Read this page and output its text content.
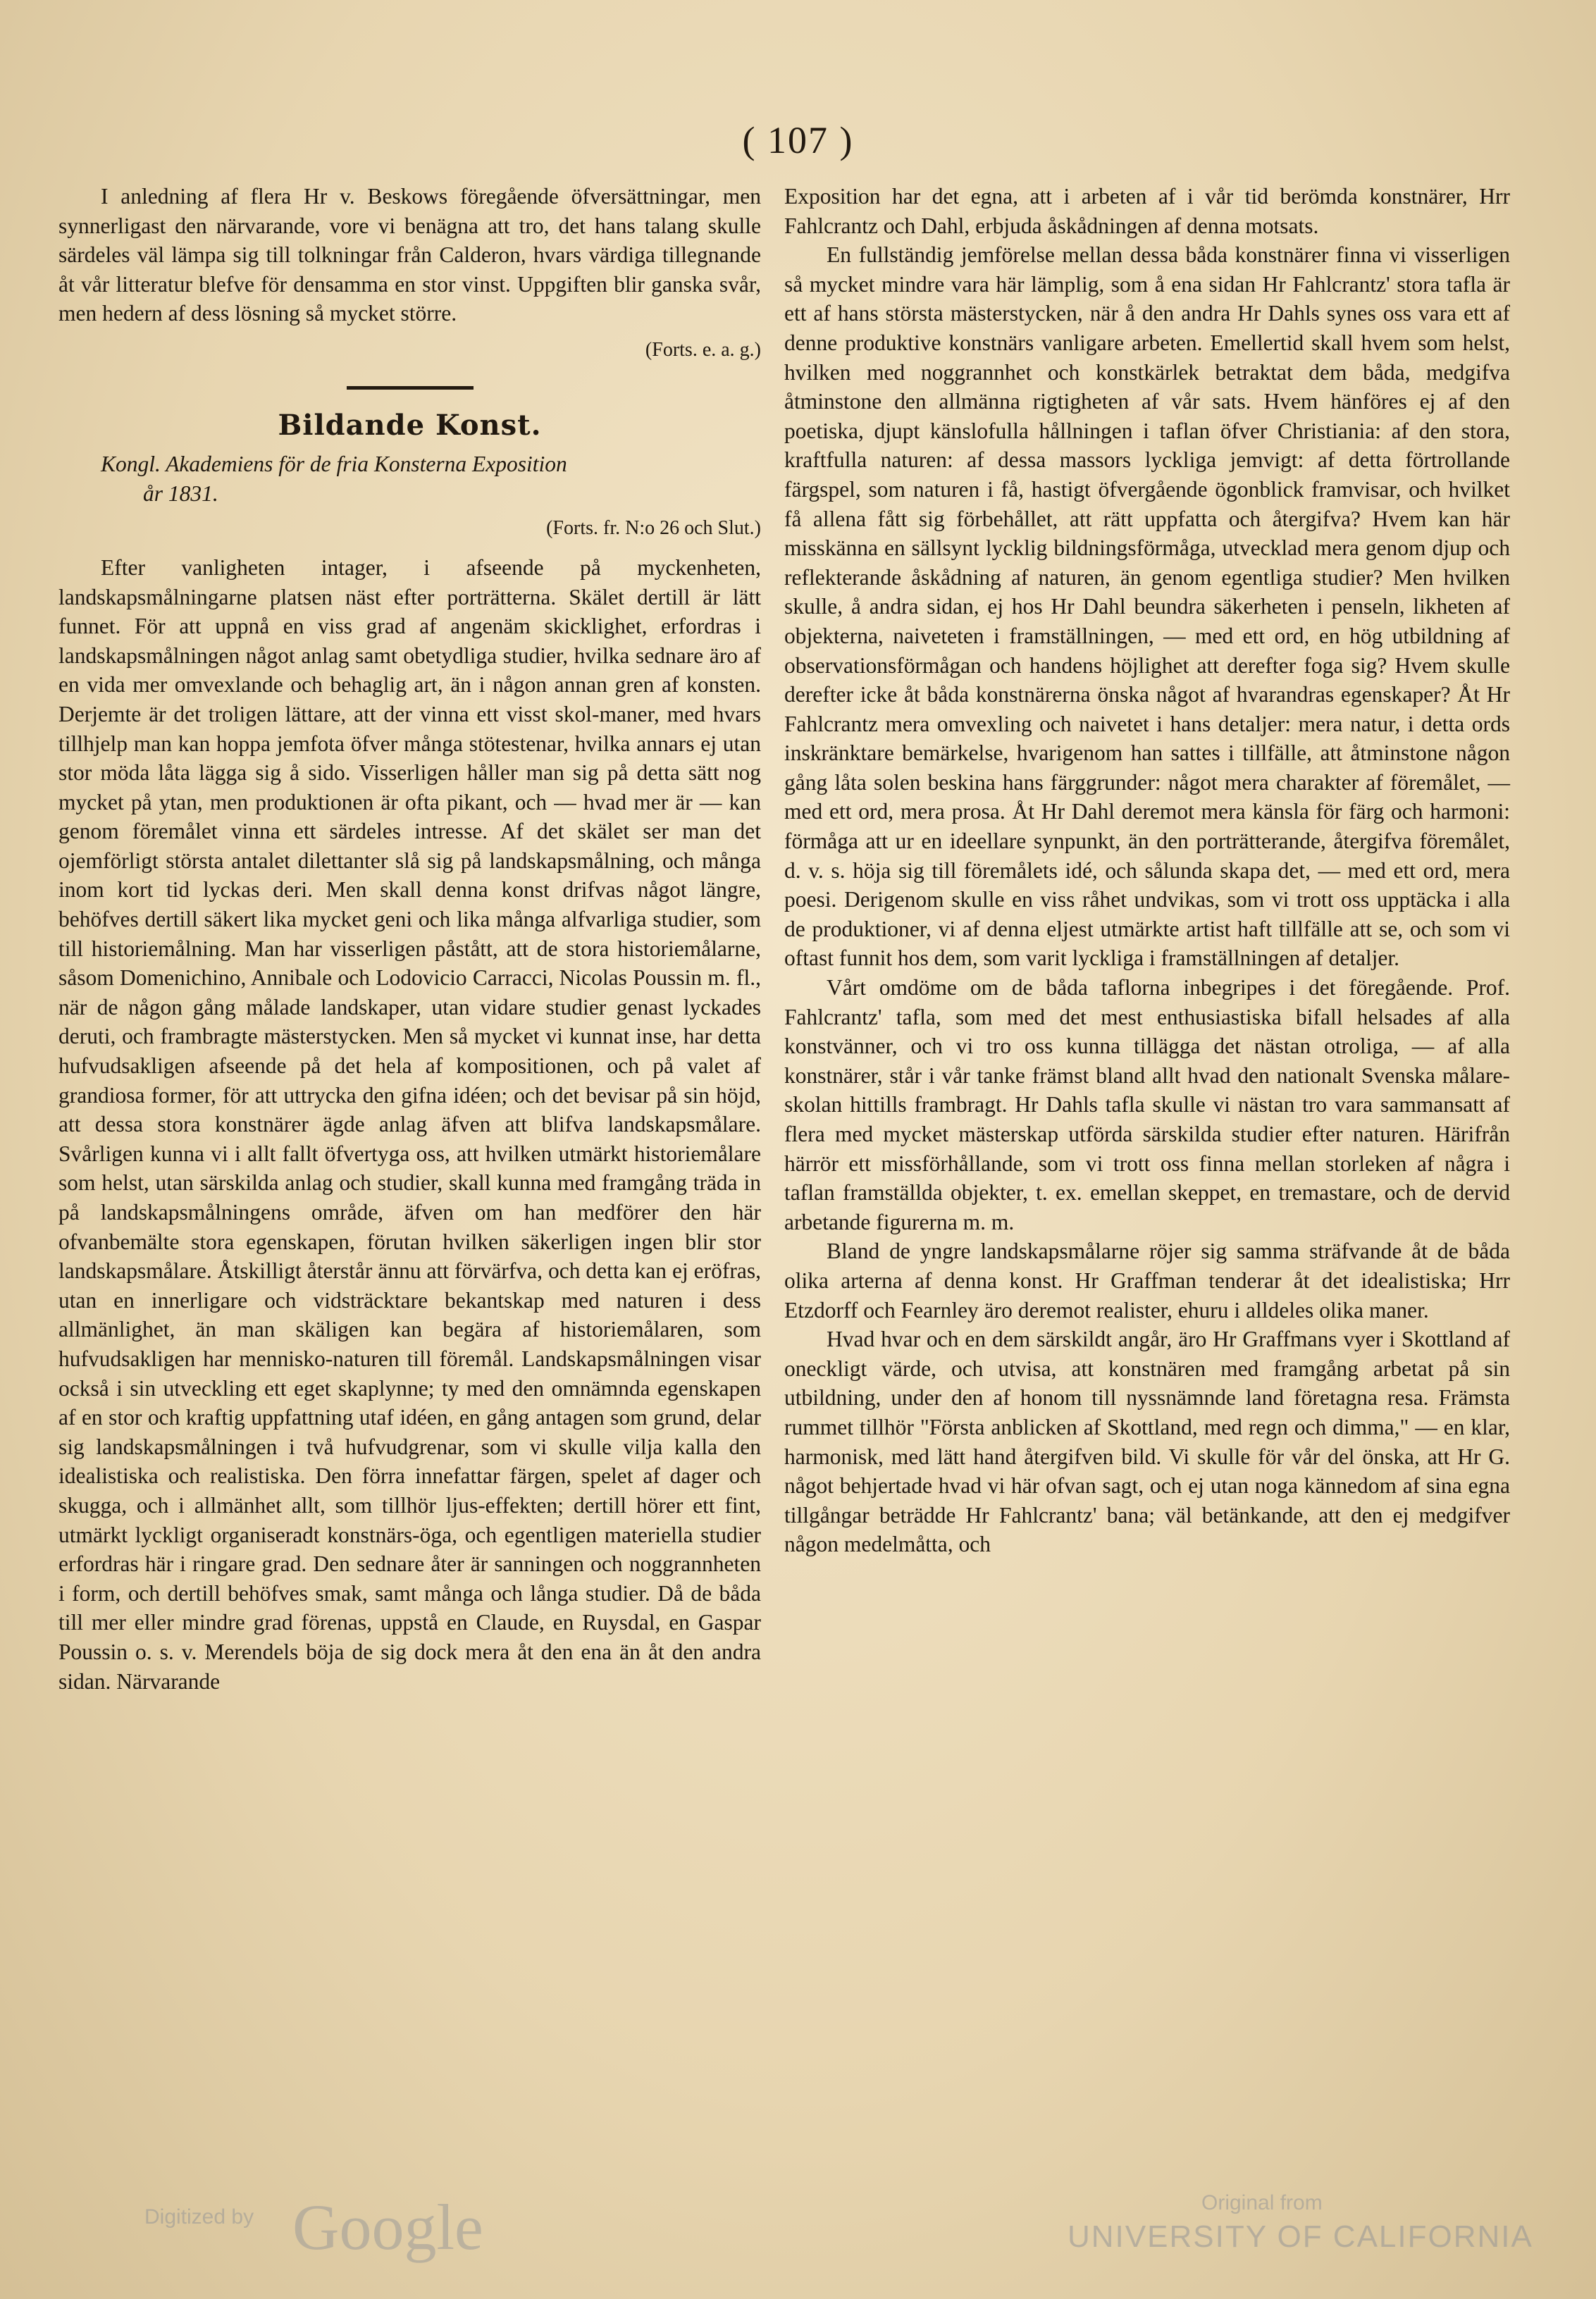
( 107 )

I anledning af flera Hr v. Beskows föregående öfversättningar, men synnerligast den närvarande, vore vi benägna att tro, det hans talang skulle särdeles väl lämpa sig till tolkningar från Calderon, hvars värdiga tillegnande åt vår litteratur blefve för densamma en stor vinst. Uppgiften blir ganska svår, men hedern af dess lösning så mycket större.

(Forts. e. a. g.)
Bildande Konst.

Kongl. Akademiens för de fria Konsterna Exposition
år 1831.

(Forts. fr. N:o 26 och Slut.)

Efter vanligheten intager, i afseende på myckenheten, landskapsmålningarne platsen näst efter porträtterna. Skälet dertill är lätt funnet. För att uppnå en viss grad af angenäm skicklighet, erfordras i landskapsmålningen något anlag samt obetydliga studier, hvilka sednare äro af en vida mer omvexlande och behaglig art, än i någon annan gren af konsten. Derjemte är det troligen lättare, att der vinna ett visst skol-maner, med hvars tillhjelp man kan hoppa jemfota öfver många stötestenar, hvilka annars ej utan stor möda låta lägga sig å sido. Visserligen håller man sig på detta sätt nog mycket på ytan, men produktionen är ofta pikant, och — hvad mer är — kan genom föremålet vinna ett särdeles intresse. Af det skälet ser man det ojemförligt största antalet dilettanter slå sig på landskapsmålning, och många inom kort tid lyckas deri. Men skall denna konst drifvas något längre, behöfves dertill säkert lika mycket geni och lika många alfvarliga studier, som till historiemålning. Man har visserligen påstått, att de stora historiemålarne, såsom Domenichino, Annibale och Lodovicio Carracci, Nicolas Poussin m. fl., när de någon gång målade landskaper, utan vidare studier genast lyckades deruti, och frambragte mästerstycken. Men så mycket vi kunnat inse, har detta hufvudsakligen afseende på det hela af kompositionen, och på valet af grandiosa former, för att uttrycka den gifna idéen; och det bevisar på sin höjd, att dessa stora konstnärer ägde anlag äfven att blifva landskapsmålare. Svårligen kunna vi i allt fallt öfvertyga oss, att hvilken utmärkt historiemålare som helst, utan särskilda anlag och studier, skall kunna med framgång träda in på landskapsmålningens område, äfven om han medförer den här ofvanbemälte stora egenskapen, förutan hvilken säkerligen ingen blir stor landskapsmålare. Åtskilligt återstår ännu att förvärfva, och detta kan ej eröfras, utan en innerligare och vidsträcktare bekantskap med naturen i dess allmänlighet, än man skäligen kan begära af historiemålaren, som hufvudsakligen har mennisko-naturen till föremål. Landskapsmålningen visar också i sin utveckling ett eget skaplynne; ty med den omnämnda egenskapen af en stor och kraftig uppfattning utaf idéen, en gång antagen som grund, delar sig landskapsmålningen i två hufvudgrenar, som vi skulle vilja kalla den idealistiska och realistiska. Den förra innefattar färgen, spelet af dager och skugga, och i allmänhet allt, som tillhör ljus-effekten; dertill hörer ett fint, utmärkt lyckligt organiseradt konstnärs-öga, och egentligen materiella studier erfordras här i ringare grad. Den sednare åter är sanningen och noggrannheten i form, och dertill behöfves smak, samt många och långa studier. Då de båda till mer eller mindre grad förenas, uppstå en Claude, en Ruysdal, en Gaspar Poussin o. s. v. Merendels böja de sig dock mera åt den ena än åt den andra sidan. Närvarande

Exposition har det egna, att i arbeten af i vår tid berömda konstnärer, Hrr Fahlcrantz och Dahl, erbjuda åskådningen af denna motsats.

En fullständig jemförelse mellan dessa båda konstnärer finna vi visserligen så mycket mindre vara här lämplig, som å ena sidan Hr Fahlcrantz' stora tafla är ett af hans största mästerstycken, när å den andra Hr Dahls synes oss vara ett af denne produktive konstnärs vanligare arbeten. Emellertid skall hvem som helst, hvilken med noggrannhet och konstkärlek betraktat dem båda, medgifva åtminstone den allmänna rigtigheten af vår sats. Hvem hänföres ej af den poetiska, djupt känslofulla hållningen i taflan öfver Christiania: af den stora, kraftfulla naturen: af dessa massors lyckliga jemvigt: af detta förtrollande färgspel, som naturen i få, hastigt öfvergående ögonblick framvisar, och hvilket få allena fått sig förbehållet, att rätt uppfatta och återgifva? Hvem kan här misskänna en sällsynt lycklig bildningsförmåga, utvecklad mera genom djup och reflekterande åskådning af naturen, än genom egentliga studier? Men hvilken skulle, å andra sidan, ej hos Hr Dahl beundra säkerheten i penseln, likheten af objekterna, naiveteten i framställningen, — med ett ord, en hög utbildning af observationsförmågan och handens höjlighet att derefter foga sig? Hvem skulle derefter icke åt båda konstnärerna önska något af hvarandras egenskaper? Åt Hr Fahlcrantz mera omvexling och naivetet i hans detaljer: mera natur, i detta ords inskränktare bemärkelse, hvarigenom han sattes i tillfälle, att åtminstone någon gång låta solen beskina hans färggrunder: något mera charakter af föremålet, — med ett ord, mera prosa. Åt Hr Dahl deremot mera känsla för färg och harmoni: förmåga att ur en ideellare synpunkt, än den porträtterande, återgifva föremålet, d. v. s. höja sig till föremålets idé, och sålunda skapa det, — med ett ord, mera poesi. Derigenom skulle en viss råhet undvikas, som vi trott oss upptäcka i alla de produktioner, vi af denna eljest utmärkte artist haft tillfälle att se, och som vi oftast funnit hos dem, som varit lyckliga i framställningen af detaljer.

Vårt omdöme om de båda taflorna inbegripes i det föregående. Prof. Fahlcrantz' tafla, som med det mest enthusiastiska bifall helsades af alla konstvänner, och vi tro oss kunna tillägga det nästan otroliga, — af alla konstnärer, står i vår tanke främst bland allt hvad den nationalt Svenska målare-skolan hittills frambragt. Hr Dahls tafla skulle vi nästan tro vara sammansatt af flera med mycket mästerskap utförda särskilda studier efter naturen. Härifrån härrör ett missförhållande, som vi trott oss finna mellan storleken af några i taflan framställda objekter, t. ex. emellan skeppet, en tremastare, och de dervid arbetande figurerna m. m.

Bland de yngre landskapsmålarne röjer sig samma sträfvande åt de båda olika arterna af denna konst. Hr Graffman tenderar åt det idealistiska; Hrr Etzdorff och Fearnley äro deremot realister, ehuru i alldeles olika maner.

Hvad hvar och en dem särskildt angår, äro Hr Graffmans vyer i Skottland af oneckligt värde, och utvisa, att konstnären med framgång arbetat på sin utbildning, under den af honom till nyssnämnde land företagna resa. Främsta rummet tillhör "Första anblicken af Skottland, med regn och dimma," — en klar, harmonisk, med lätt hand återgifven bild. Vi skulle för vår del önska, att Hr G. något behjertade hvad vi här ofvan sagt, och ej utan noga kännedom af sina egna tillgångar beträdde Hr Fahlcrantz' bana; väl betänkande, att den ej medgifver någon medelmåtta, och

Digitized by Google	Original from
UNIVERSITY OF CALIFORNIA
